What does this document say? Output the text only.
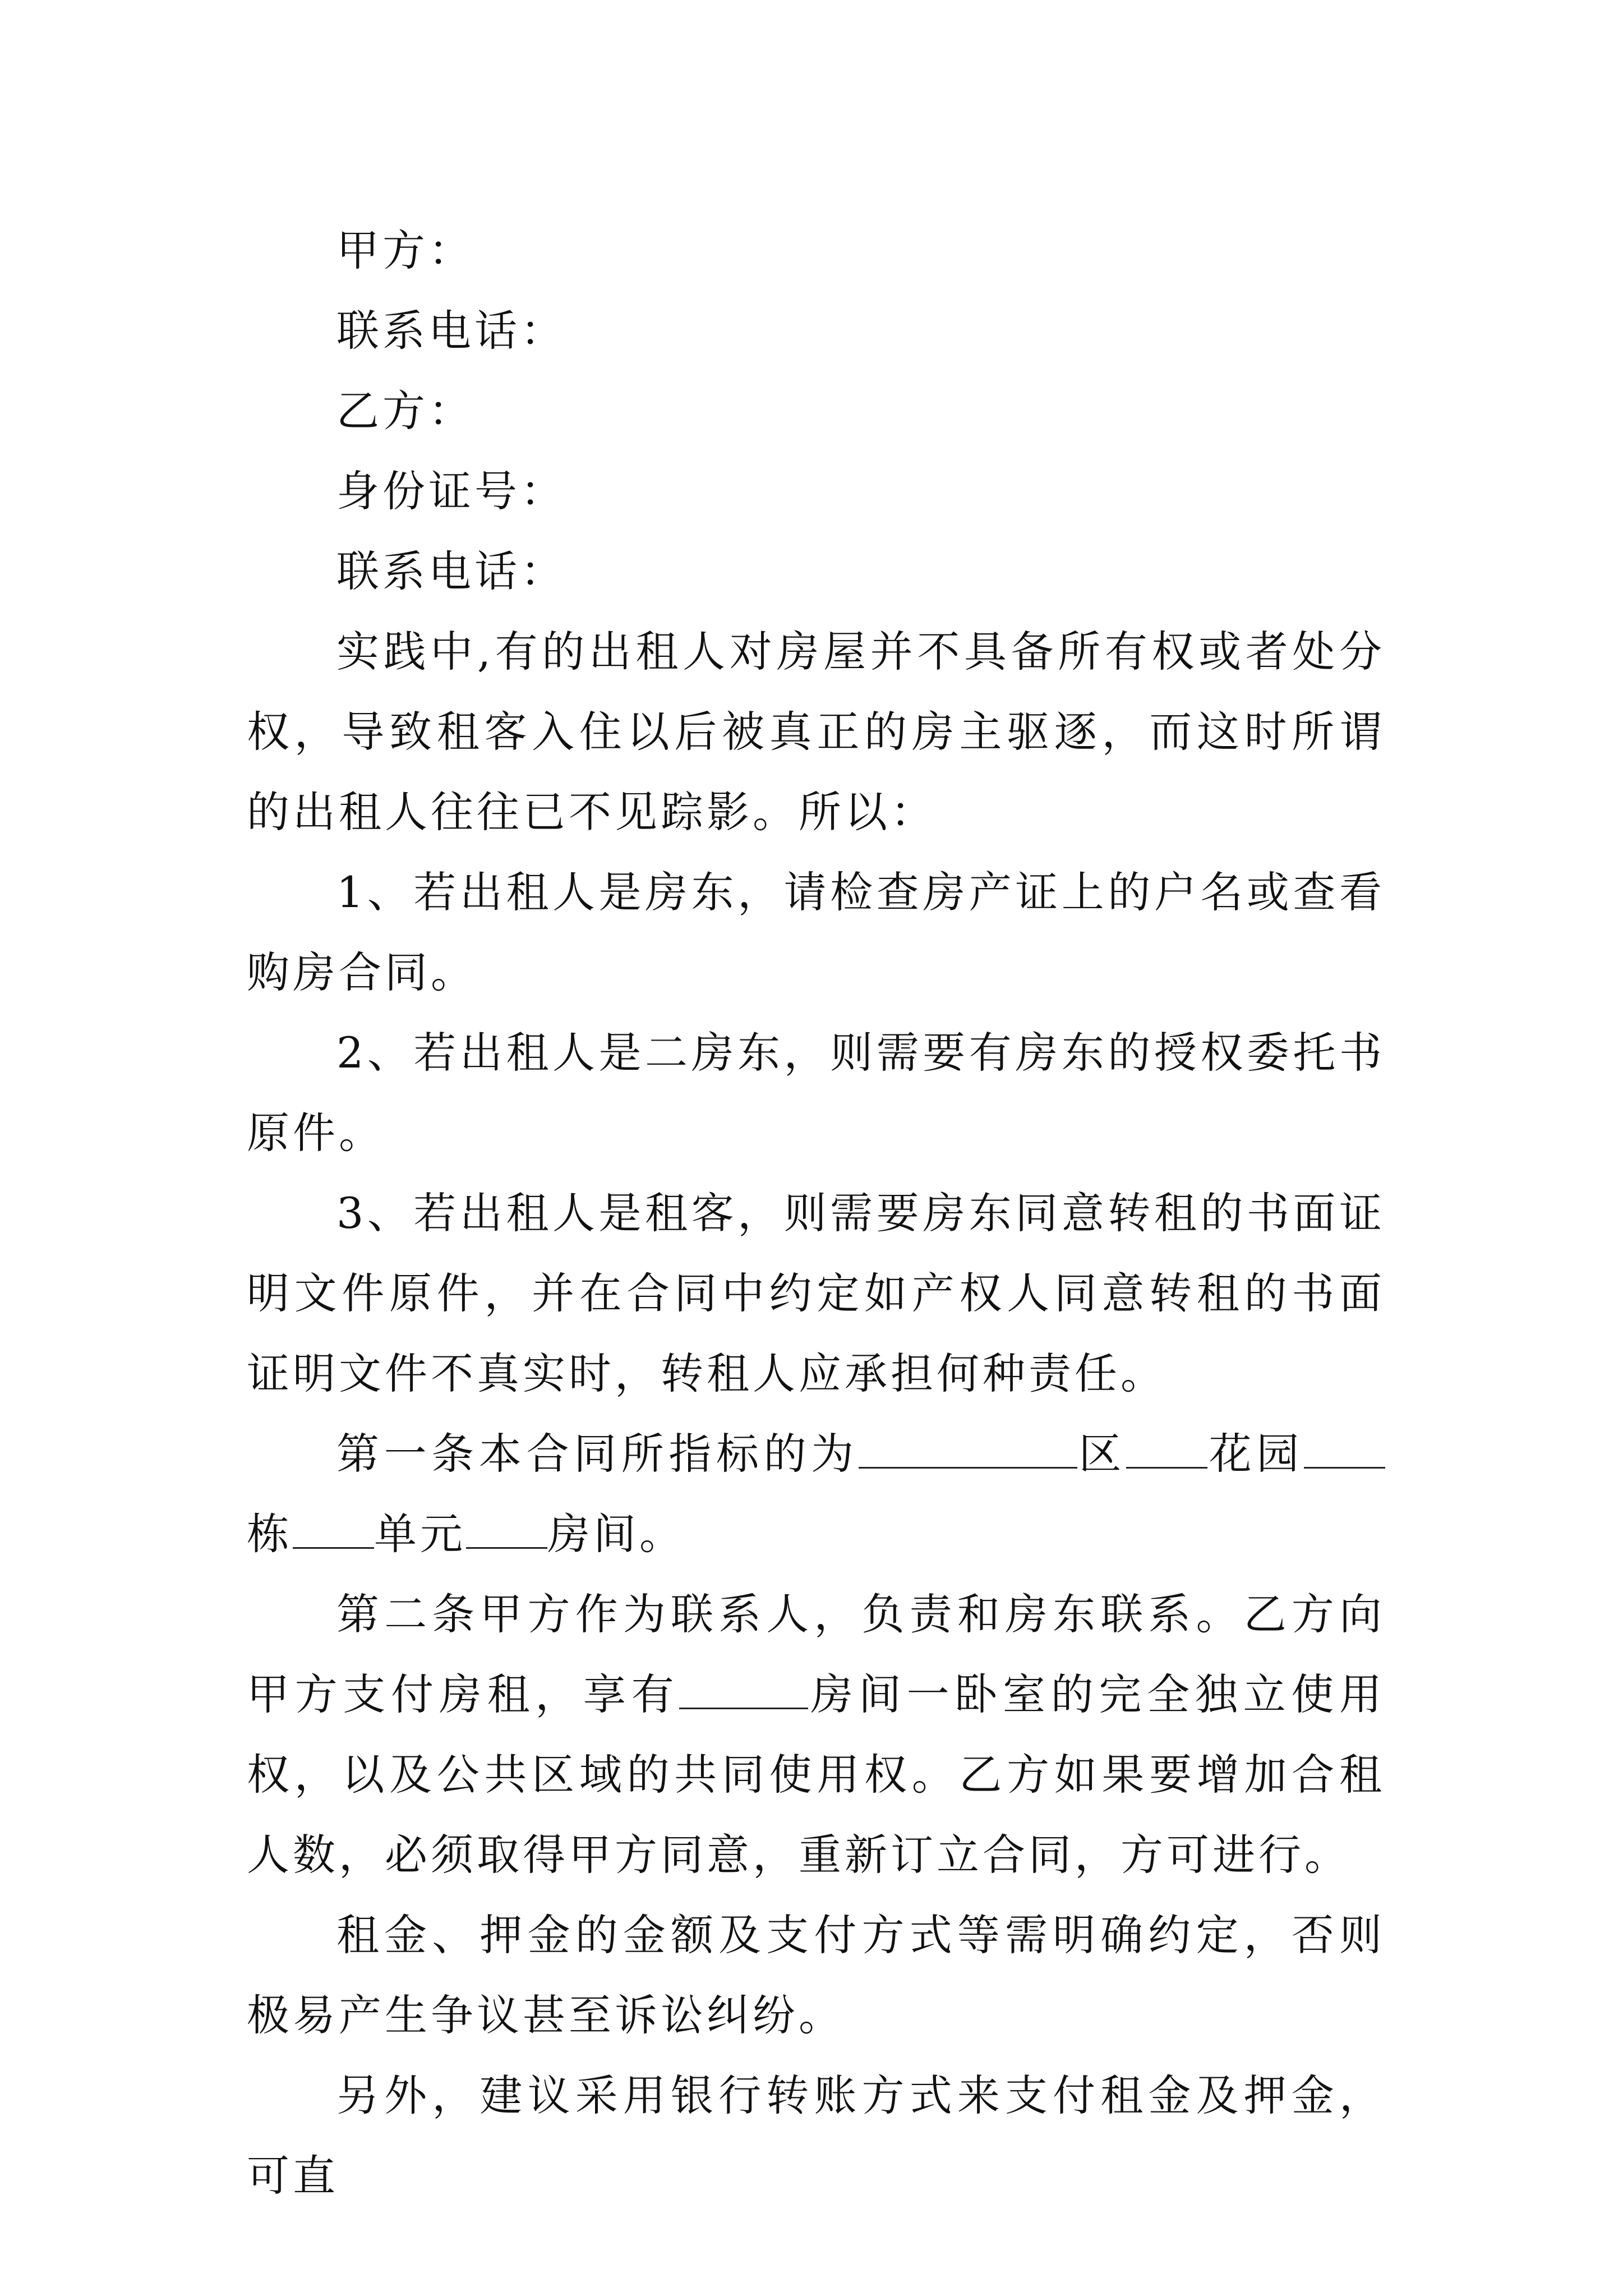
甲方：

联系电话：

乙方：

身份证号：

联系电话：

实践中,有的出租人对房屋并不具备所有权或者处分权，导致租客入住以后被真正的房主驱逐，而这时所谓的出租人往往已不见踪影。所以：

1、若出租人是房东，请检查房产证上的户名或查看购房合同。

2、若出租人是二房东，则需要有房东的授权委托书原件。

3、若出租人是租客，则需要房东同意转租的书面证明文件原件，并在合同中约定如产权人同意转租的书面证明文件不真实时，转租人应承担何种责任。

第一条本合同所指标的为	区 花园栋 单元 房间。

第二条甲方作为联系人，负责和房东联系。乙方向甲方支付房租，享有	房间一卧室的完全独立使用权，以及公共区域的共同使用权。乙方如果要增加合租人数，必须取得甲方同意，重新订立合同，方可进行。

租金、押金的金额及支付方式等需明确约定，否则极易产生争议甚至诉讼纠纷。

另外，建议采用银行转账方式来支付租金及押金，可直
